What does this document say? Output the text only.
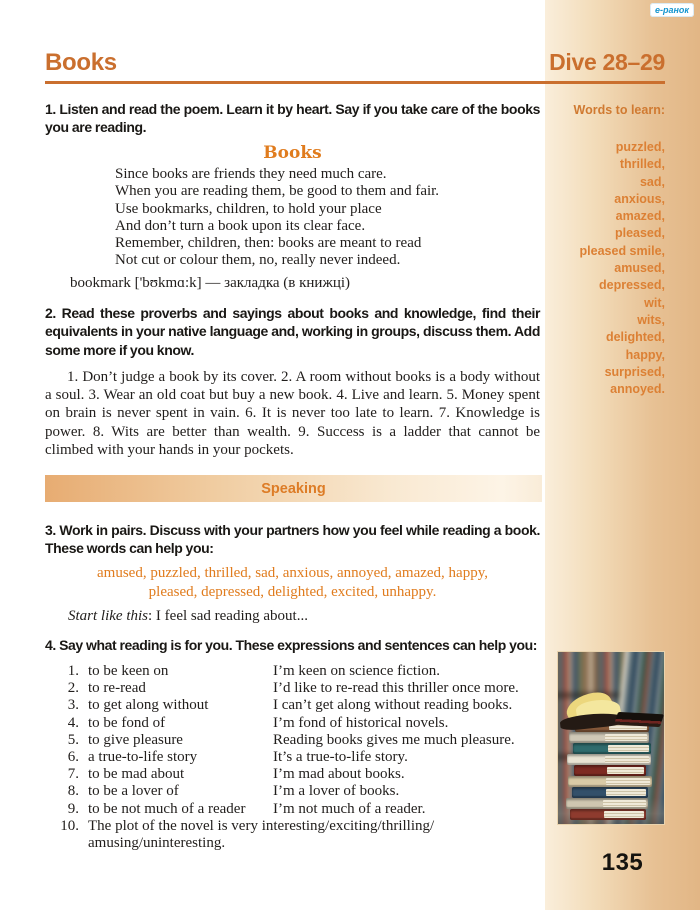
е-ранок
Books	Dive 28–29
1. Listen and read the poem. Learn it by heart. Say if you take care of the books you are reading.
Books
Since books are friends they need much care.
When you are reading them, be good to them and fair.
Use bookmarks, children, to hold your place
And don’t turn a book upon its clear face.
Remember, children, then: books are meant to read
Not cut or colour them, no, really never indeed.
bookmark ['bʊkmɑ:k] — закладка (в книжці)
2. Read these proverbs and sayings about books and knowledge, find their equivalents in your native language and, working in groups, discuss them. Add some more if you know.
1. Don’t judge a book by its cover. 2. A room without books is a body without a soul. 3. Wear an old coat but buy a new book. 4. Live and learn. 5. Money spent on brain is never spent in vain. 6. It is never too late to learn. 7. Knowledge is power. 8. Wits are better than wealth. 9. Success is a ladder that cannot be climbed with your hands in your pockets.
Speaking
3. Work in pairs. Discuss with your partners how you feel while reading a book. These words can help you:
amused, puzzled, thrilled, sad, anxious, annoyed, amazed, happy,
pleased, depressed, delighted, excited, unhappy.
Start like this: I feel sad reading about...
4. Say what reading is for you. These expressions and sentences can help you:
1. to be keen on	I’m keen on science fiction.
2. to re-read	I’d like to re-read this thriller once more.
3. to get along without	I can’t get along without reading books.
4. to be fond of	I’m fond of historical novels.
5. to give pleasure	Reading books gives me much pleasure.
6. a true-to-life story	It’s a true-to-life story.
7. to be mad about	I’m mad about books.
8. to be a lover of	I’m a lover of books.
9. to be not much of a reader	I’m not much of a reader.
10. The plot of the novel is very interesting/exciting/thrilling/
amusing/uninteresting.
Words to learn:
puzzled,
thrilled,
sad,
anxious,
amazed,
pleased,
pleased smile,
amused,
depressed,
wit,
wits,
delighted,
happy,
surprised,
annoyed.
135
